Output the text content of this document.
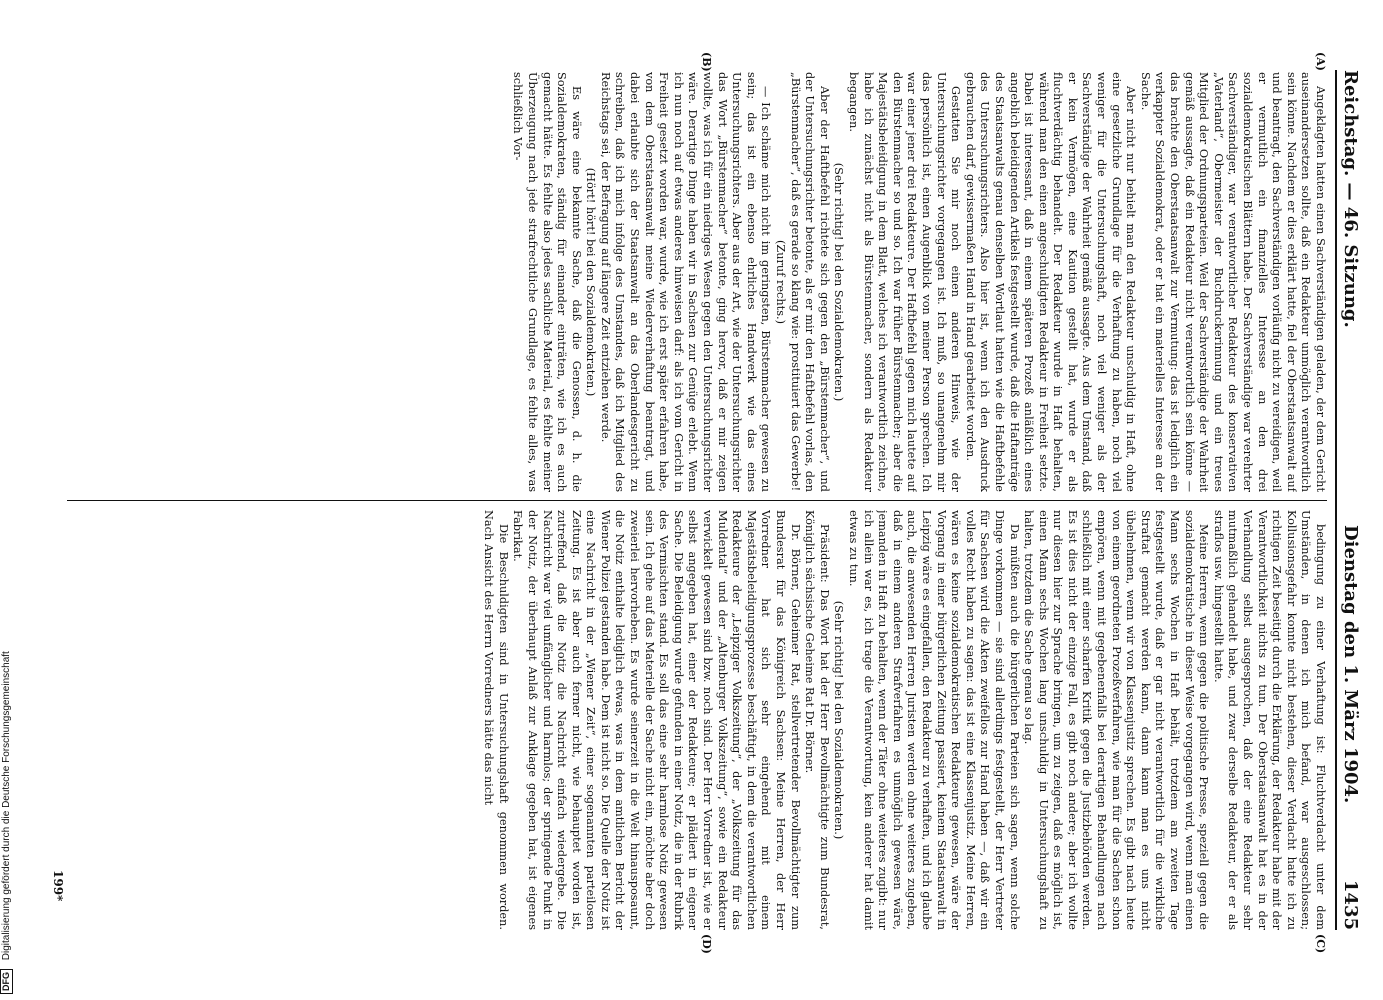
Reichstag. — 46. Sitzung.
Dienstag den 1. März 1904.
1435
(A)
(B)
(C)
(D)

Angeklagten hatten einen Sachverständigen geladen, der dem Gericht auseinandersetzen sollte, daß ein Redakteur unmöglich verantwortlich sein könne. Nachdem er dies erklärt hatte, fiel der Oberstaatsanwalt auf und beantragt, den Sachverständigen vorläufig nicht zu vereidigen, weil er vermutlich ein finanzielles Interesse an den drei sozialdemokratischen Blättern habe. Der Sachverständige war verehrter Sachverständiger, war verantwortlicher Redakteur des konservativen „Vaterland“, Obermeister der Buchdruckerinnung und ein treues Mitglied der Ordnungsparteien. Weil der Sachverständige der Wahrheit gemäß aussagte, daß ein Redakteur nicht verantwortlich sein könne — das brachte den Oberstaatsanwalt zur Vermutung: das ist lediglich ein verkappter Sozialdemokrat, oder er hat ein materielles Interesse an der Sache.

Aber nicht nur behielt man den Redakteur unschuldig in Haft, ohne eine gesetzliche Grundlage für die Verhaftung zu haben, noch viel weniger für die Untersuchungshaft, noch viel weniger als der Sachverständige der Wahrheit gemäß aussagte. Aus dem Umstand, daß er kein Vermögen, eine Kaution gestellt hat, wurde er als fluchtverdächtig behandelt. Der Redakteur wurde in Haft behalten, während man den einen angeschuldigten Redakteur in Freiheit setzte. Dabei ist interessant, daß in einem späteren Prozeß anläßlich eines angeblich beleidigenden Artikels festgestellt wurde, daß die Haftanträge des Staatsanwalts genau denselben Wortlaut hatten wie die Haftbefehle des Untersuchungsrichters. Also hier ist, wenn ich den Ausdruck gebrauchen darf, gewissermaßen Hand in Hand gearbeitet worden.

Gestatten Sie mir noch einen anderen Hinweis, wie der Untersuchungsrichter vorgegangen ist. Ich muß, so unangenehm mir das persönlich ist, einen Augenblick von meiner Person sprechen. Ich war einer jener drei Redakteure. Der Haftbefehl gegen mich lautete auf den Bürstenmacher so und so. Ich war früher Bürstenmacher; aber die Majestätsbeleidigung in dem Blatt, welches ich verantwortlich zeichne, habe ich zunächst nicht als Bürstenmacher, sondern als Redakteur begangen.

(Sehr richtig! bei den Sozialdemokraten.)

Aber der Haftbefehl richtete sich gegen den „Bürstenmacher“, und der Untersuchungsrichter betonte, als er mir den Haftbefehl vorlas, den „Bürstenmacher“, daß es gerade so klang wie: prostituiert das Gewerbe!

(Zuruf rechts.)

— Ich schäme mich nicht im geringsten, Bürstenmacher gewesen zu sein; das ist ein ebenso ehrliches Handwerk wie das eines Untersuchungsrichters. Aber aus der Art, wie der Untersuchungsrichter das Wort „Bürstenmacher“ betonte, ging hervor, daß er mir zeigen wollte, was ich für ein niedriges Wesen gegen den Untersuchungsrichter wäre. Derartige Dinge haben wir in Sachsen zur Genüge erlebt. Wenn ich nun noch auf etwas anderes hinweisen darf: als ich vom Gericht in Freiheit gesetzt worden war, wurde, wie ich erst später erfahren habe, von dem Oberstaatsanwalt meine Wiederverhaftung beantragt, und dabei erlaubte sich der Staatsanwalt an das Oberlandesgericht zu schreiben, daß ich mich infolge des Umstandes, daß ich Mitglied des Reichstags sei, der Befragung auf längere Zeit entziehen werde.

(Hört! hört! bei den Sozialdemokraten.)

Es wäre eine bekannte Sache, daß die Genossen, d. h. die Sozialdemokraten, ständig für einander einträten, wie ich es auch gemacht hätte. Es fehlte also jedes sachliche Material, es fehlte meiner Überzeugung nach jede strafrechtliche Grundlage, es fehlte alles, was schließlich Vor-

bedingung zu einer Verhaftung ist: Fluchtverdacht unter dem Umständen, in denen ich mich befand, war ausgeschlossen; Kollusionsgefahr konnte nicht bestehen, dieser Verdacht hatte ich zu richtigen Zeit beseitigt durch die Erklärung, der Redakteur habe mit der Verantwortlichkeit nichts zu tun. Der Oberstaatsanwalt hat es in der Verhandlung selbst ausgesprochen, daß der eine Redakteur sehr mutmaßlich gehandelt habe, und zwar derselbe Redakteur, der er als straflos usw. hingestellt hatte.

Meine Herren, wenn gegen die politische Presse, speziell gegen die sozialdemokratische in dieser Weise vorgegangen wird, wenn man einen Mann sechs Wochen in Haft behält, trotzdem am zweiten Tage festgestellt wurde, daß er gar nicht verantwortlich für die wirkliche Straftat gemacht werden kann, dann kann man es uns nicht übelnehmen, wenn wir von Klassenjustiz sprechen. Es gibt nach heute von einem geordneten Prozeßverfahren, wie man für die Sachen schon empören, wenn mit gegebenenfalls bei derartigen Behandlungen nach schließlich mit einer scharfen Kritik gegen die Justizbehörden werden. Es ist dies nicht der einzige Fall, es gibt noch andere; aber ich wollte nur diesen hier zur Sprache bringen, um zu zeigen, daß es möglich ist, einen Mann sechs Wochen lang unschuldig in Untersuchungshaft zu halten, trotzdem die Sache genau so lag.

Da müßten auch die bürgerlichen Parteien sich sagen, wenn solche Dinge vorkommen — sie sind allerdings festgestellt, der Herr Vertreter für Sachsen wird die Akten zweifellos zur Hand haben —, daß wir ein volles Recht haben zu sagen: das ist eine Klassenjustiz. Meine Herren, wären es keine sozialdemokratischen Redakteure gewesen, wäre der Vorgang in einer bürgerlichen Zeitung passiert, keinem Staatsanwalt in Leipzig wäre es eingefallen, den Redakteur zu verhaften, und ich glaube auch, die anwesenden Herren Juristen werden ohne weiteres zugeben, daß in einem anderen Strafverfahren es unmöglich gewesen wäre, jemanden in Haft zu behalten, wenn der Täter ohne weiteres zugibt: nur ich allein war es, ich trage die Verantwortung, kein anderer hat damit etwas zu tun.

(Sehr richtig! bei den Sozialdemokraten.)

Präsident: Das Wort hat der Herr Bevollmächtigte zum Bundesrat, Königlich sächsische Geheime Rat Dr. Börner.

Dr. Börner, Geheimer Rat, stellvertretender Bevollmächtigter zum Bundesrat für das Königreich Sachsen: Meine Herren, der Herr Vorredner hat sich sehr eingehend mit einem Majestätsbeleidigungsprozesse beschäftigt, in dem die verantwortlichen Redakteure der „Leipziger Volkszeitung“, der „Volkszeitung für das Muldental“ und der „Altenburger Volkszeitung“, sowie ein Redakteur verwickelt gewesen sind bzw. noch sind. Der Herr Vorredner ist, wie er selbst angegeben hat, einer der Redakteure; er plädiert in eigener Sache. Die Beleidigung wurde gefunden in einer Notiz, die in der Rubrik des Vermischten stand. Es soll das eine sehr harmlose Notiz gewesen sein. Ich gehe auf das Materielle der Sache nicht ein, möchte aber doch zweierlei hervorheben. Es wurde seinerzeit in die Welt hinausposaunt, die Notiz enthalte lediglich etwas, was in dem amtlichen Bericht der Wiener Polizei gestanden habe. Dem ist nicht so. Die Quelle der Notiz ist eine Nachricht in der „Wiener Zeit“, einer sogenannten parteilosen Zeitung. Es ist aber auch ferner nicht, wie behauptet worden ist, zutreffend, daß die Notiz die Nachricht einfach wiedergebe. Die Nachricht war viel umfänglicher und harmlos; der springende Punkt in der Notiz, der überhaupt Anlaß zur Anklage gegeben hat, ist eigenes Fabrikat.

Die Beschuldigten sind in Untersuchungshaft genommen worden. Nach Ansicht des Herrn Vorredners hätte das nicht

199*
DFG Digitalisierung gefördert durch die Deutsche Forschungsgemeinschaft
